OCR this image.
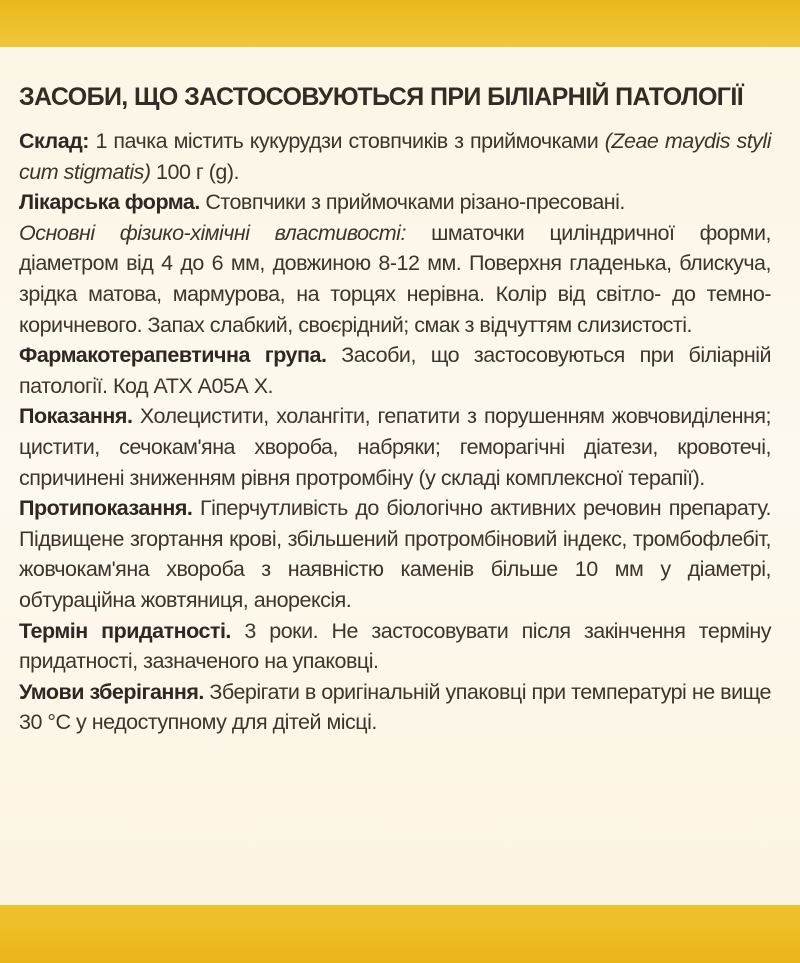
ЗАСОБИ, ЩО ЗАСТОСОВУЮТЬСЯ ПРИ БІЛІАРНІЙ ПАТОЛОГІЇ

Склад: 1 пачка містить кукурудзи стовпчиків з приймочками (Zeae maydis styli cum stigmatis) 100 г (g).

Лікарська форма. Стовпчики з приймочками різано-пресовані.

Основні фізико-хімічні властивості: шматочки циліндричної форми, діаметром від 4 до 6 мм, довжиною 8-12 мм. Поверхня гладенька, блискуча, зрідка матова, мармурова, на торцях нерівна. Колір від світло- до темно-коричневого. Запах слабкий, своєрідний; смак з відчуттям слизистості.

Фармакотерапевтична група. Засоби, що застосовуються при біліарній патології. Код АТХ А05А Х.

Показання. Холецистити, холангіти, гепатити з порушенням жовчовиділення; цистити, сечокам'яна хвороба, набряки; геморагічні діатези, кровотечі, спричинені зниженням рівня протромбіну (у складі комплексної терапії).

Протипоказання. Гіперчутливість до біологічно активних речовин препарату. Підвищене згортання крові, збільшений протромбіновий індекс, тромбофлебіт, жовчокам'яна хвороба з наявністю каменів більше 10 мм у діаметрі, обтураційна жовтяниця, анорексія.

Термін придатності. 3 роки. Не застосовувати після закінчення терміну придатності, зазначеного на упаковці.

Умови зберігання. Зберігати в оригінальній упаковці при температурі не вище 30 °С у недоступному для дітей місці.
